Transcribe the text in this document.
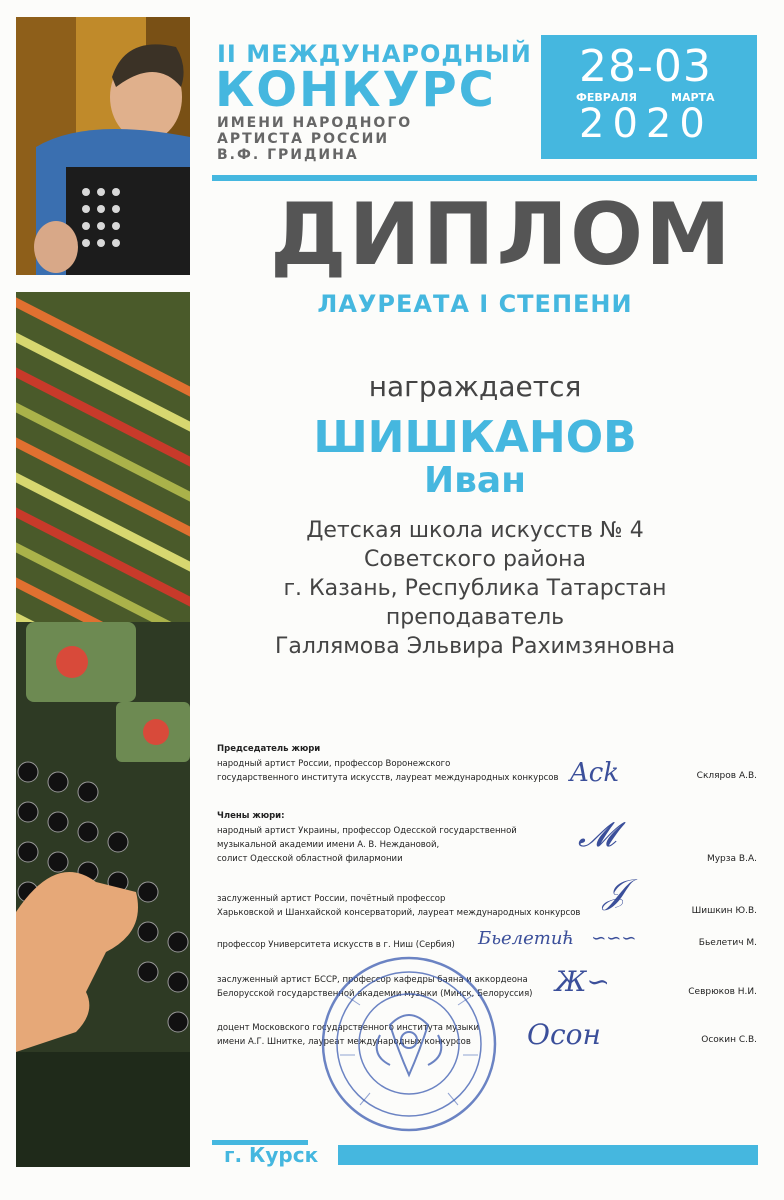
II МЕЖДУНАРОДНЫЙ
КОНКУРС
ИМЕНИ НАРОДНОГО
АРТИСТА РОССИИ
В.Ф. ГРИДИНА
28-03
ФЕВРАЛЯ	МАРТА
2020
ДИПЛОМ
ЛАУРЕАТА I СТЕПЕНИ
награждается
ШИШКАНОВ
Иван
Детская школа искусств № 4
Советского района
г. Казань, Республика Татарстан
преподаватель
Галлямова Эльвира Рахимзяновна
Председатель жюри
народный артист России, профессор Воронежского
государственного института искусств, лауреат международных конкурсов	Скляров А.В.
Ack
Члены жюри:
народный артист Украины, профессор Одесской государственной
музыкальной академии имени А. В. Неждановой,
солист Одесской областной филармонии	Мурза В.А.
𝓜
заслуженный артист России, почётный профессор
Харьковской и Шанхайской консерваторий, лауреат международных конкурсов	Шишкин Ю.В.
𝒥
профессор Университета искусств в г. Ниш (Сербия)	Бьелетич М.
Бьелетић   ∽∽∽
заслуженный артист БССР, профессор кафедры баяна и аккордеона
Белорусской государственной академии музыки (Минск, Белоруссия)	Севрюков Н.И.
Ж∽
доцент Московского государственного института музыки
имени А.Г. Шнитке, лауреат международных конкурсов	Осокин С.В.
Осон
г. Курск
